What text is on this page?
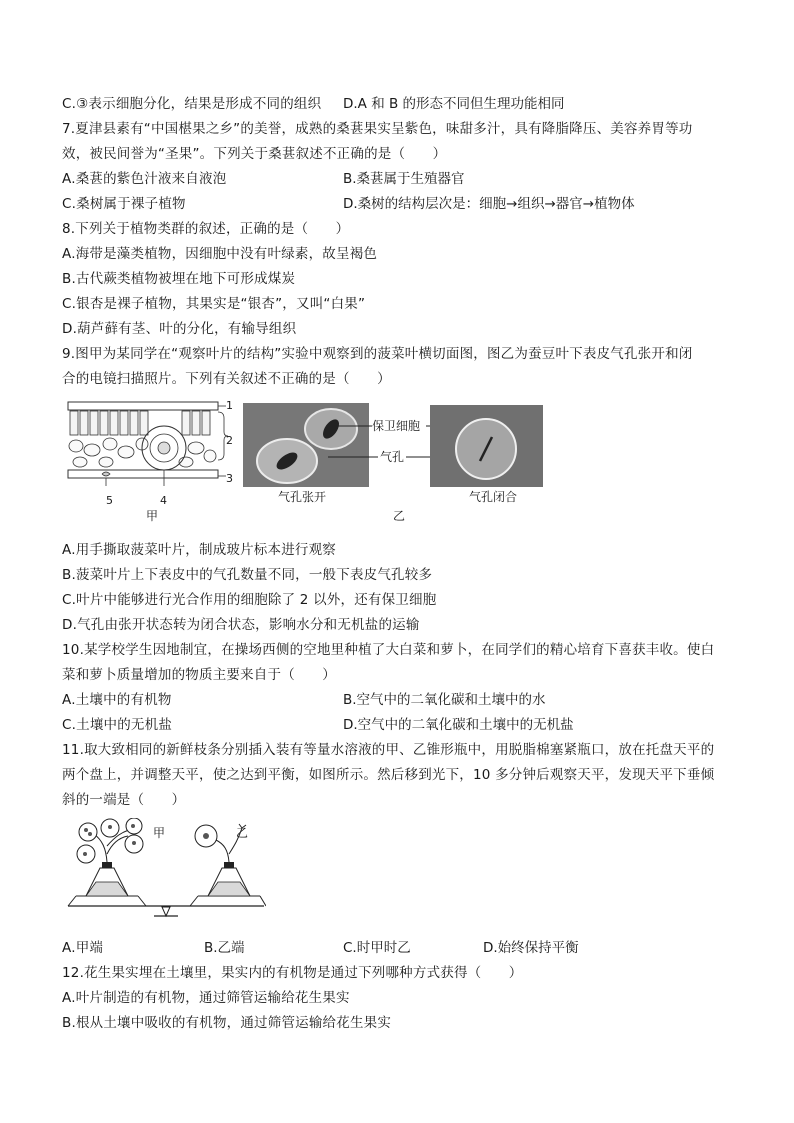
C.③表示细胞分化，结果是形成不同的组织 D.A 和 B 的形态不同但生理功能相同
7.夏津县素有“中国椹果之乡”的美誉，成熟的桑葚果实呈紫色，味甜多汁，具有降脂降压、美容养胃等功
效，被民间誉为“圣果”。下列关于桑葚叙述不正确的是（　　）
A.桑葚的紫色汁液来自液泡	B.桑葚属于生殖器官
C.桑树属于裸子植物	D.桑树的结构层次是：细胞→组织→器官→植物体
8.下列关于植物类群的叙述，正确的是（　　）
A.海带是藻类植物，因细胞中没有叶绿素，故呈褐色
B.古代蕨类植物被埋在地下可形成煤炭
C.银杏是裸子植物，其果实是“银杏”，又叫“白果”
D.葫芦藓有茎、叶的分化，有输导组织
9.图甲为某同学在“观察叶片的结构”实验中观察到的菠菜叶横切面图，图乙为蚕豆叶下表皮气孔张开和闭
合的电镜扫描照片。下列有关叙述不正确的是（　　）
1
2
3
4
5
甲
气孔张开
保卫细胞
气孔
气孔闭合
乙
A.用手撕取菠菜叶片，制成玻片标本进行观察
B.菠菜叶片上下表皮中的气孔数量不同，一般下表皮气孔较多
C.叶片中能够进行光合作用的细胞除了 2 以外，还有保卫细胞
D.气孔由张开状态转为闭合状态，影响水分和无机盐的运输
10.某学校学生因地制宜，在操场西侧的空地里种植了大白菜和萝卜，在同学们的精心培育下喜获丰收。使白
菜和萝卜质量增加的物质主要来自于（　　）
A.土壤中的有机物	B.空气中的二氧化碳和土壤中的水
C.土壤中的无机盐	D.空气中的二氧化碳和土壤中的无机盐
11.取大致相同的新鲜枝条分别插入装有等量水溶液的甲、乙锥形瓶中，用脱脂棉塞紧瓶口，放在托盘天平的
两个盘上，并调整天平，使之达到平衡，如图所示。然后移到光下，10 多分钟后观察天平，发现天平下垂倾
斜的一端是（　　）
甲	乙
A.甲端	B.乙端	C.时甲时乙	D.始终保持平衡
12.花生果实埋在土壤里，果实内的有机物是通过下列哪种方式获得（　　）
A.叶片制造的有机物，通过筛管运输给花生果实
B.根从土壤中吸收的有机物，通过筛管运输给花生果实
